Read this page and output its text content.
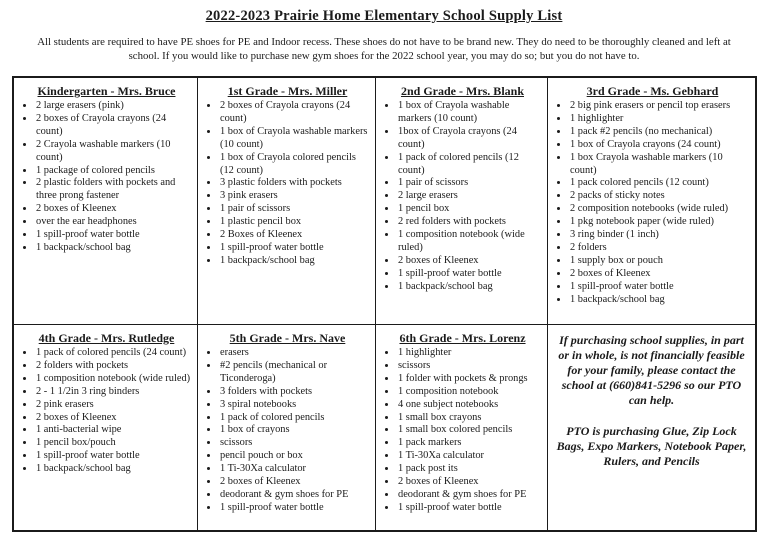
2022-2023 Prairie Home Elementary School Supply List

All students are required to have PE shoes for PE and Indoor recess. These shoes do not have to be brand new. They do need to be thoroughly cleaned and left at school. If you would like to purchase new gym shoes for the 2022 school year, you may do so; but you do not have to.

Kindergarten - Mrs. Bruce
• 2 large erasers (pink)
• 2 boxes of Crayola crayons (24 count)
• 2 Crayola washable markers (10 count)
• 1 package of colored pencils
• 2 plastic folders with pockets and three prong fastener
• 2 boxes of Kleenex
• over the ear headphones
• 1 spill-proof water bottle
• 1 backpack/school bag
1st Grade - Mrs. Miller
• 2 boxes of Crayola crayons (24 count)
• 1 box of Crayola washable markers (10 count)
• 1 box of Crayola colored pencils (12 count)
• 3 plastic folders with pockets
• 3 pink erasers
• 1 pair of scissors
• 1 plastic pencil box
• 2 Boxes of Kleenex
• 1 spill-proof water bottle
• 1 backpack/school bag
2nd Grade - Mrs. Blank
• 1 box of Crayola washable markers (10 count)
• 1box of Crayola crayons (24 count)
• 1 pack of colored pencils (12 count)
• 1 pair of scissors
• 2 large erasers
• 1 pencil box
• 2 red folders with pockets
• 1 composition notebook (wide ruled)
• 2 boxes of Kleenex
• 1 spill-proof water bottle
• 1 backpack/school bag
3rd Grade - Ms. Gebhard
• 2 big pink erasers or pencil top erasers
• 1 highlighter
• 1 pack #2 pencils (no mechanical)
• 1 box of Crayola crayons (24 count)
• 1 box Crayola washable markers (10 count)
• 1 pack colored pencils (12 count)
• 2 packs of sticky notes
• 2 composition notebooks (wide ruled)
• 1 pkg notebook paper (wide ruled)
• 3 ring binder (1 inch)
• 2 folders
• 1 supply box or pouch
• 2 boxes of Kleenex
• 1 spill-proof water bottle
• 1 backpack/school bag
4th Grade - Mrs. Rutledge
• 1 pack of colored pencils (24 count)
• 2 folders with pockets
• 1 composition notebook (wide ruled)
• 2 - 1 1/2in 3 ring binders
• 2 pink erasers
• 2 boxes of Kleenex
• 1 anti-bacterial wipe
• 1 pencil box/pouch
• 1 spill-proof water bottle
• 1 backpack/school bag
5th Grade - Mrs. Nave
• erasers
• #2 pencils (mechanical or Ticonderoga)
• 3 folders with pockets
• 3 spiral notebooks
• 1 pack of colored pencils
• 1 box of crayons
• scissors
• pencil pouch or box
• 1 Ti-30Xa calculator
• 2 boxes of Kleenex
• deodorant & gym shoes for PE
• 1 spill-proof water bottle
6th Grade - Mrs. Lorenz
• 1 highlighter
• scissors
• 1 folder with pockets & prongs
• 1 composition notebook
• 4 one subject notebooks
• 1 small box crayons
• 1 small box colored pencils
• 1 pack markers
• 1 Ti-30Xa calculator
• 1 pack post its
• 2 boxes of Kleenex
• deodorant & gym shoes for PE
• 1 spill-proof water bottle

If purchasing school supplies, in part or in whole, is not financially feasible for your family, please contact the school at (660)841-5296 so our PTO can help.

PTO is purchasing Glue, Zip Lock Bags, Expo Markers, Notebook Paper, Rulers, and Pencils
